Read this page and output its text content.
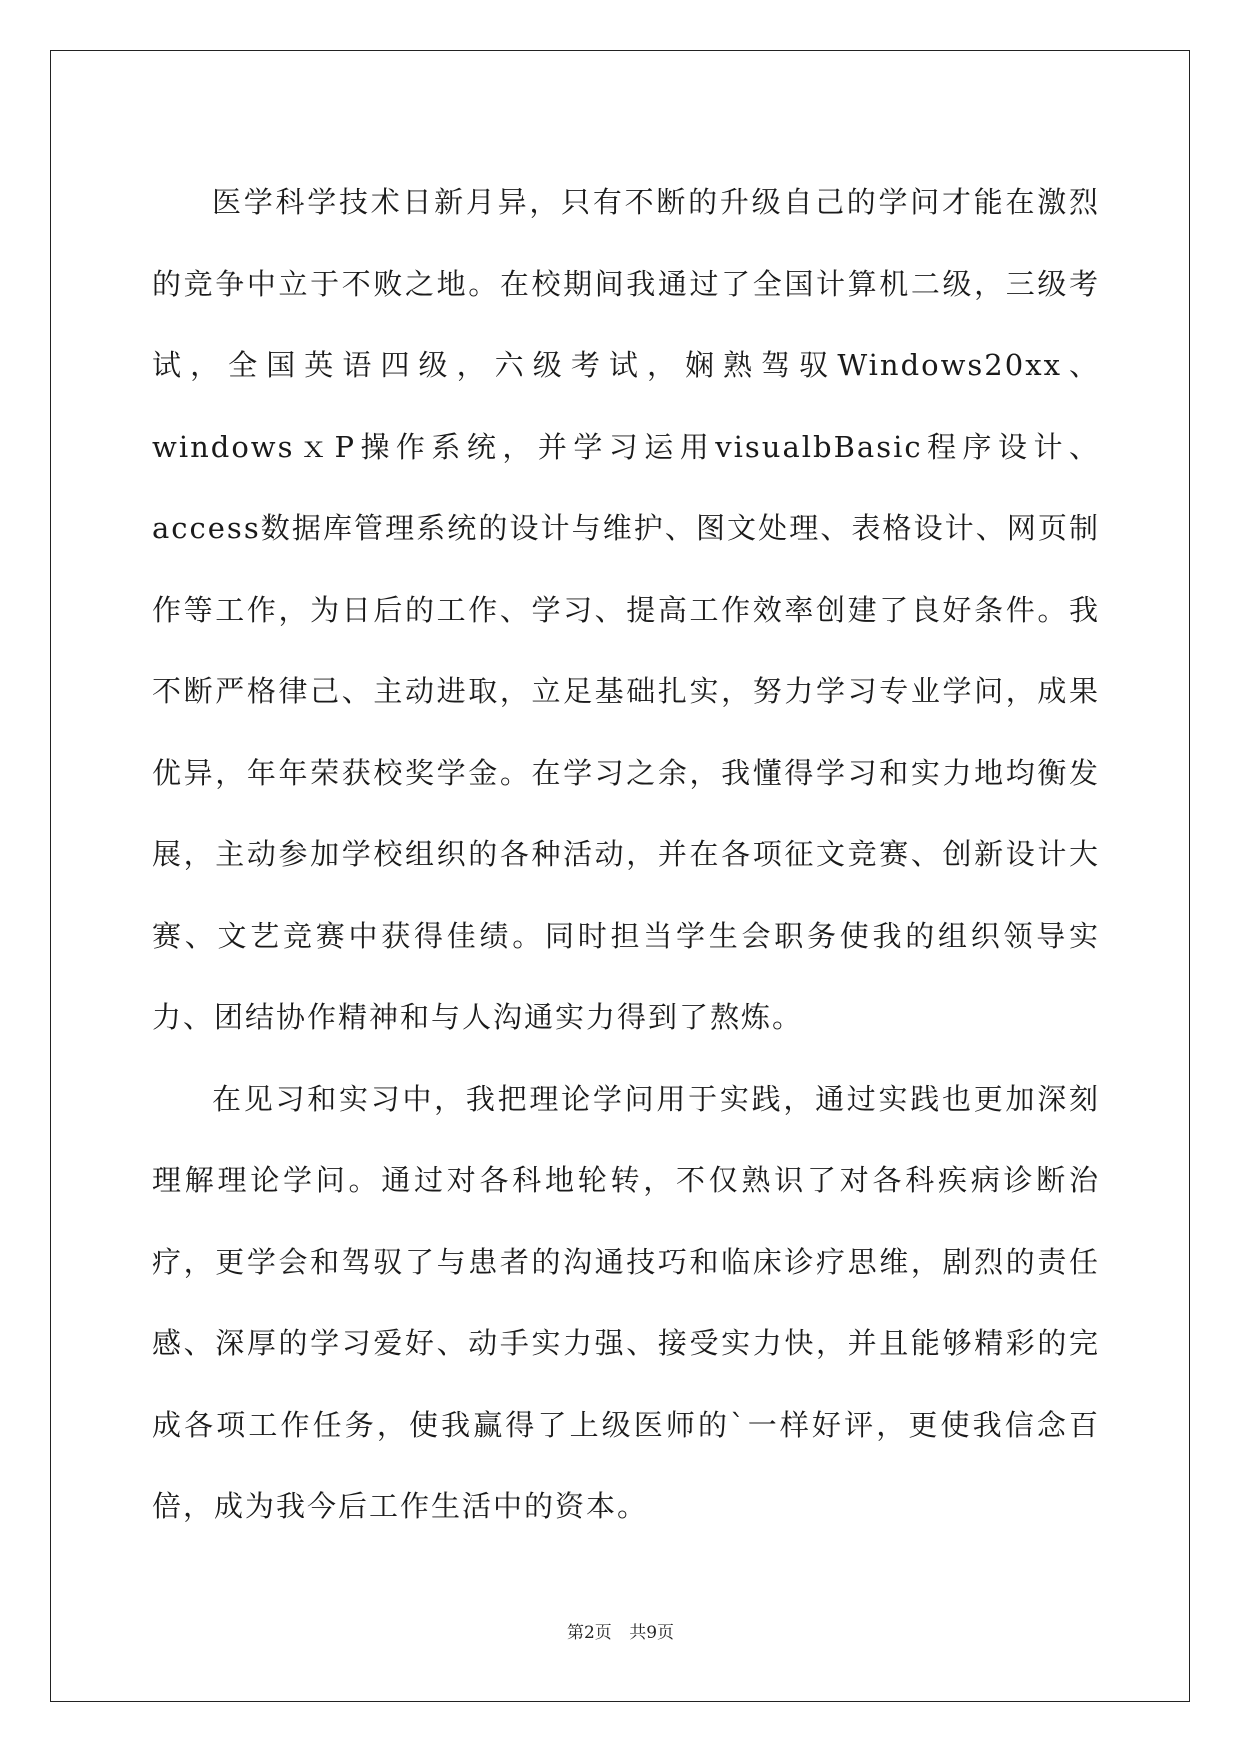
医学科学技术日新月异，只有不断的升级自己的学问才能在激烈的竞争中立于不败之地。在校期间我通过了全国计算机二级，三级考试，全国英语四级，六级考试，娴熟驾驭Windows20xx、windowsｘP操作系统，并学习运用visualbBasic程序设计、access数据库管理系统的设计与维护、图文处理、表格设计、网页制作等工作，为日后的工作、学习、提高工作效率创建了良好条件。我不断严格律己、主动进取，立足基础扎实，努力学习专业学问，成果优异，年年荣获校奖学金。在学习之余，我懂得学习和实力地均衡发展，主动参加学校组织的各种活动，并在各项征文竞赛、创新设计大赛、文艺竞赛中获得佳绩。同时担当学生会职务使我的组织领导实力、团结协作精神和与人沟通实力得到了熬炼。

在见习和实习中，我把理论学问用于实践，通过实践也更加深刻理解理论学问。通过对各科地轮转，不仅熟识了对各科疾病诊断治疗，更学会和驾驭了与患者的沟通技巧和临床诊疗思维，剧烈的责任感、深厚的学习爱好、动手实力强、接受实力快，并且能够精彩的完成各项工作任务，使我赢得了上级医师的`一样好评，更使我信念百倍，成为我今后工作生活中的资本。

第2页 共9页
